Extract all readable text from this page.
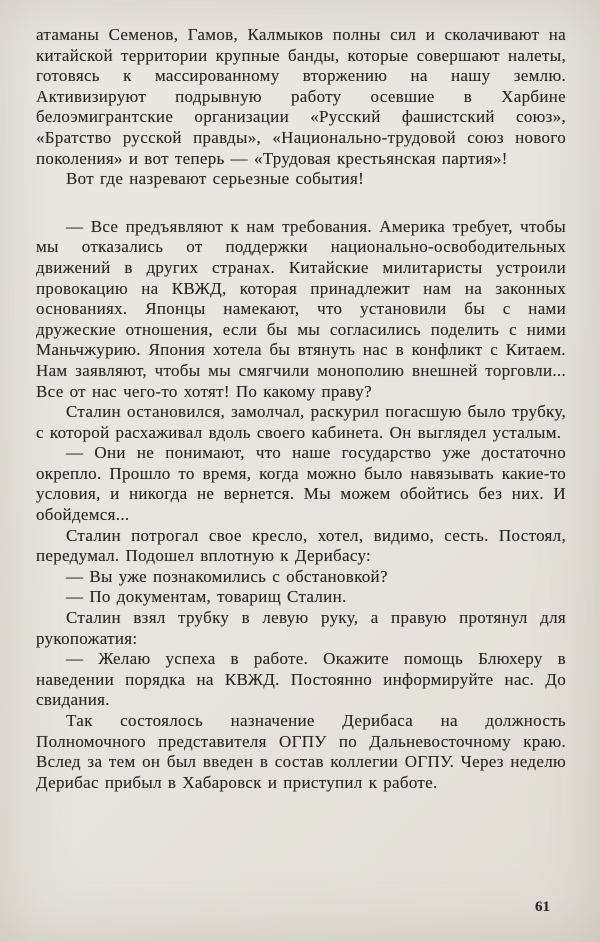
атаманы Семенов, Гамов, Калмыков полны сил и сколачивают на китайской территории крупные банды, которые совершают налеты, готовясь к массированному вторжению на нашу землю. Активизируют подрывную работу осевшие в Харбине белоэмигрантские организации «Русский фашистский союз», «Братство русской правды», «Национально-трудовой союз нового поколения» и вот теперь — «Трудовая крестьянская партия»!

Вот где назревают серьезные события!

— Все предъявляют к нам требования. Америка требует, чтобы мы отказались от поддержки национально-освободительных движений в других странах. Китайские милитаристы устроили провокацию на КВЖД, которая принадлежит нам на законных основаниях. Японцы намекают, что установили бы с нами дружеские отношения, если бы мы согласились поделить с ними Маньчжурию. Япония хотела бы втянуть нас в конфликт с Китаем. Нам заявляют, чтобы мы смягчили монополию внешней торговли... Все от нас чего-то хотят! По какому праву?

Сталин остановился, замолчал, раскурил погасшую было трубку, с которой расхаживал вдоль своего кабинета. Он выглядел усталым.

— Они не понимают, что наше государство уже достаточно окрепло. Прошло то время, когда можно было навязывать какие-то условия, и никогда не вернется. Мы можем обойтись без них. И обойдемся...

Сталин потрогал свое кресло, хотел, видимо, сесть. Постоял, передумал. Подошел вплотную к Дерибасу:

— Вы уже познакомились с обстановкой?

— По документам, товарищ Сталин.

Сталин взял трубку в левую руку, а правую протянул для рукопожатия:

— Желаю успеха в работе. Окажите помощь Блюхеру в наведении порядка на КВЖД. Постоянно информируйте нас. До свидания.

Так состоялось назначение Дерибаса на должность Полномочного представителя ОГПУ по Дальневосточному краю. Вслед за тем он был введен в состав коллегии ОГПУ. Через неделю Дерибас прибыл в Хабаровск и приступил к работе.

61
